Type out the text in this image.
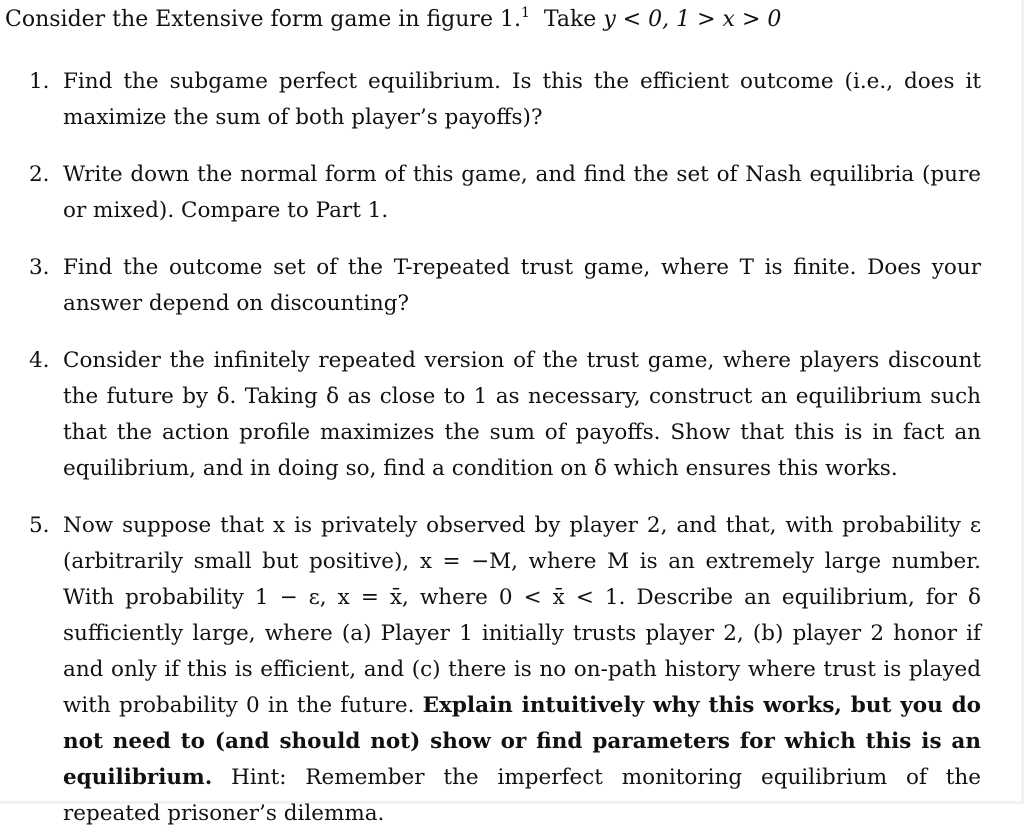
Consider the Extensive form game in figure 1.$^1$ Take y < 0, 1 > x > 0
1. Find the subgame perfect equilibrium. Is this the efficient outcome (i.e., does it maximize the sum of both player’s payoffs)?
2. Write down the normal form of this game, and find the set of Nash equilibria (pure or mixed). Compare to Part 1.
3. Find the outcome set of the T-repeated trust game, where T is finite. Does your answer depend on discounting?
4. Consider the infinitely repeated version of the trust game, where players discount the future by δ. Taking δ as close to 1 as necessary, construct an equilibrium such that the action profile maximizes the sum of payoffs. Show that this is in fact an equilibrium, and in doing so, find a condition on δ which ensures this works.
5. Now suppose that x is privately observed by player 2, and that, with probability ε (arbitrarily small but positive), x = −M, where M is an extremely large number. With probability 1 − ε, x = x̄, where 0 < x̄ < 1. Describe an equilibrium, for δ sufficiently large, where (a) Player 1 initially trusts player 2, (b) player 2 honor if and only if this is efficient, and (c) there is no on-path history where trust is played with probability 0 in the future. Explain intuitively why this works, but you do not need to (and should not) show or find parameters for which this is an equilibrium. Hint: Remember the imperfect monitoring equilibrium of the repeated prisoner’s dilemma.
